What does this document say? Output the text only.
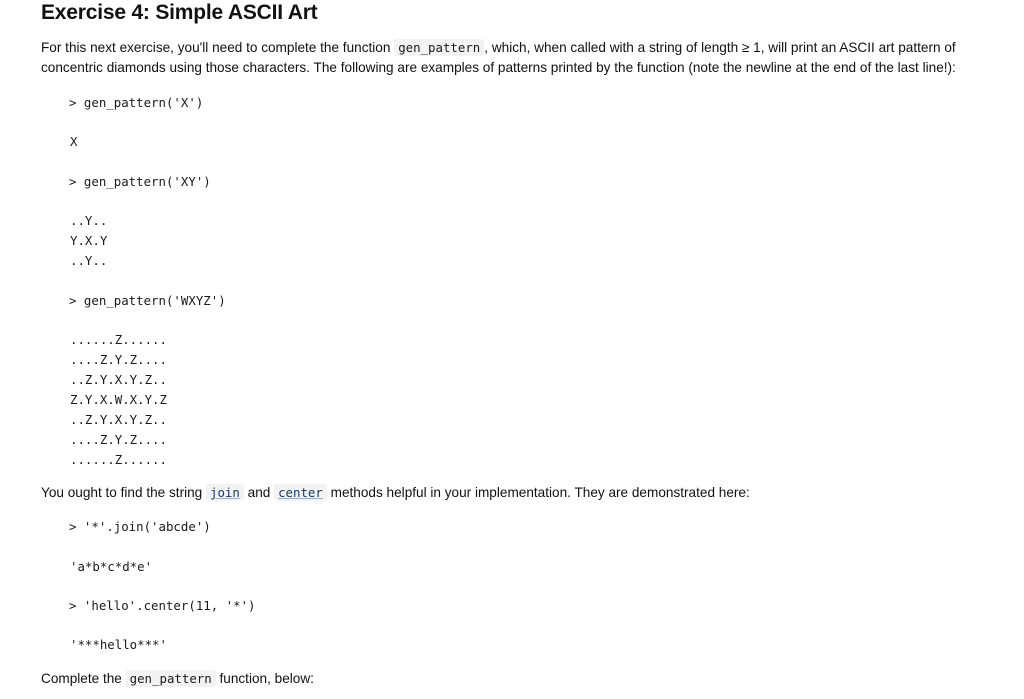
Exercise 4: Simple ASCII Art
For this next exercise, you'll need to complete the function gen_pattern , which, when called with a string of length ≥ 1, will print an ASCII art pattern of
concentric diamonds using those characters. The following are examples of patterns printed by the function (note the newline at the end of the last line!):
> gen_pattern('X')
X
> gen_pattern('XY')
..Y..
Y.X.Y
..Y..
> gen_pattern('WXYZ')
......Z......
....Z.Y.Z....
..Z.Y.X.Y.Z..
Z.Y.X.W.X.Y.Z
..Z.Y.X.Y.Z..
....Z.Y.Z....
......Z......
You ought to find the string join and center methods helpful in your implementation. They are demonstrated here:
> '*'.join('abcde')
'a*b*c*d*e'
> 'hello'.center(11, '*')
'***hello***'
Complete the gen_pattern function, below:
